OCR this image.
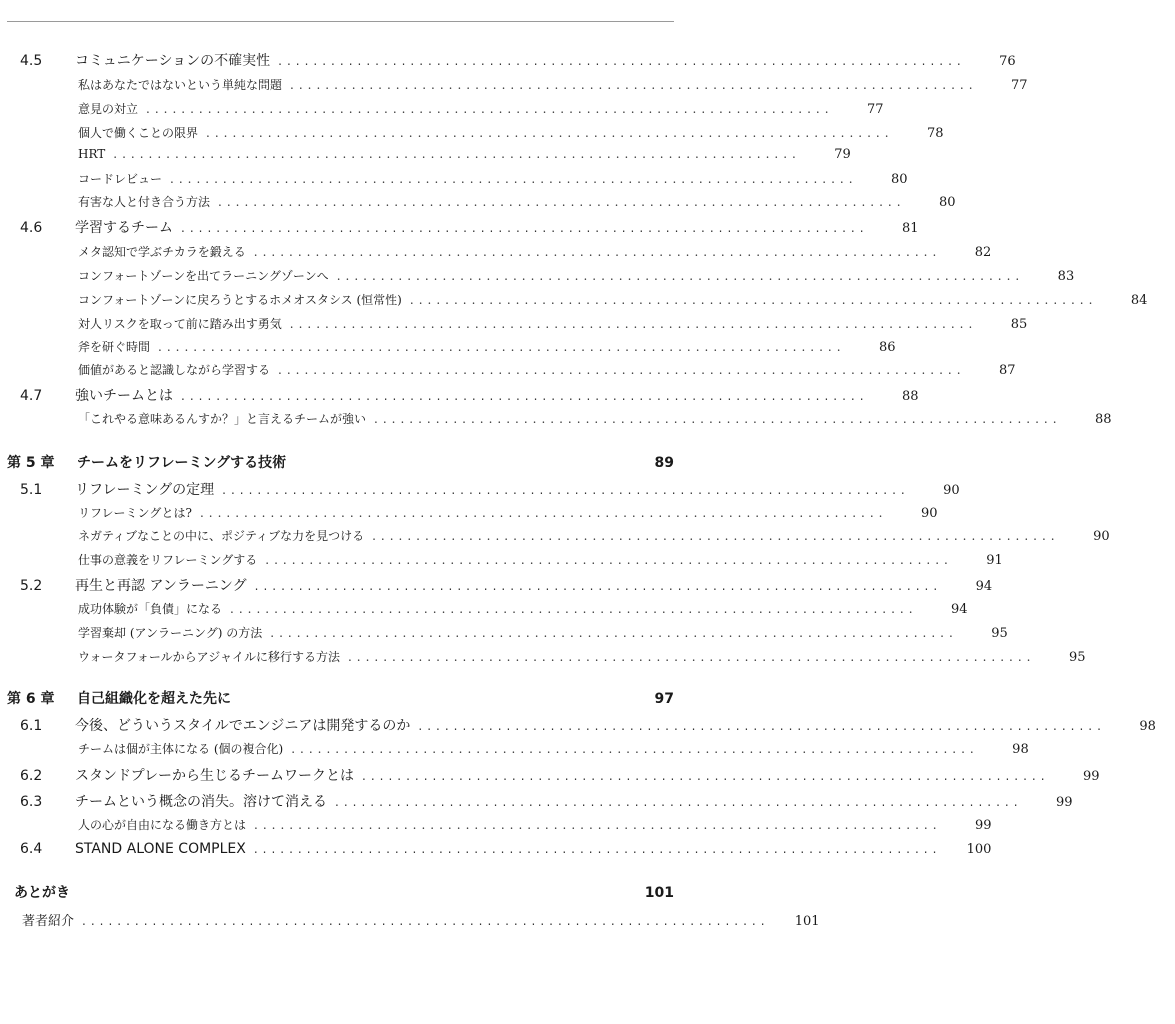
4.5	コミュニケーションの不確実性 ..............................................................................	76
私はあなたではないという単純な問題 ..............................................................................	77
意見の対立 ..............................................................................	77
個人で働くことの限界 ..............................................................................	78
HRT ..............................................................................	79
コードレビュー ..............................................................................	80
有害な人と付き合う方法 ..............................................................................	80
4.6	学習するチーム ..............................................................................	81
メタ認知で学ぶチカラを鍛える ..............................................................................	82
コンフォートゾーンを出てラーニングゾーンへ ..............................................................................	83
コンフォートゾーンに戻ろうとするホメオスタシス (恒常性) ..............................................................................	84
対人リスクを取って前に踏み出す勇気 ..............................................................................	85
斧を研ぐ時間 ..............................................................................	86
価値があると認識しながら学習する ..............................................................................	87
4.7	強いチームとは ..............................................................................	88
「これやる意味あるんすか？」と言えるチームが強い ..............................................................................	88
第 5 章	チームをリフレーミングする技術	89
5.1	リフレーミングの定理 ..............................................................................	90
リフレーミングとは? ..............................................................................	90
ネガティブなことの中に、ポジティブな力を見つける ..............................................................................	90
仕事の意義をリフレーミングする ..............................................................................	91
5.2	再生と再認 アンラーニング ..............................................................................	94
成功体験が「負債」になる ..............................................................................	94
学習棄却 (アンラーニング) の方法 ..............................................................................	95
ウォータフォールからアジャイルに移行する方法 ..............................................................................	95
第 6 章	自己組織化を超えた先に	97
6.1	今後、どういうスタイルでエンジニアは開発するのか ..............................................................................	98
チームは個が主体になる (個の複合化) ..............................................................................	98
6.2	スタンドプレーから生じるチームワークとは ..............................................................................	99
6.3	チームという概念の消失。溶けて消える ..............................................................................	99
人の心が自由になる働き方とは ..............................................................................	99
6.4	STAND ALONE COMPLEX ..............................................................................	100
あとがき	101
著者紹介 ..............................................................................	101
